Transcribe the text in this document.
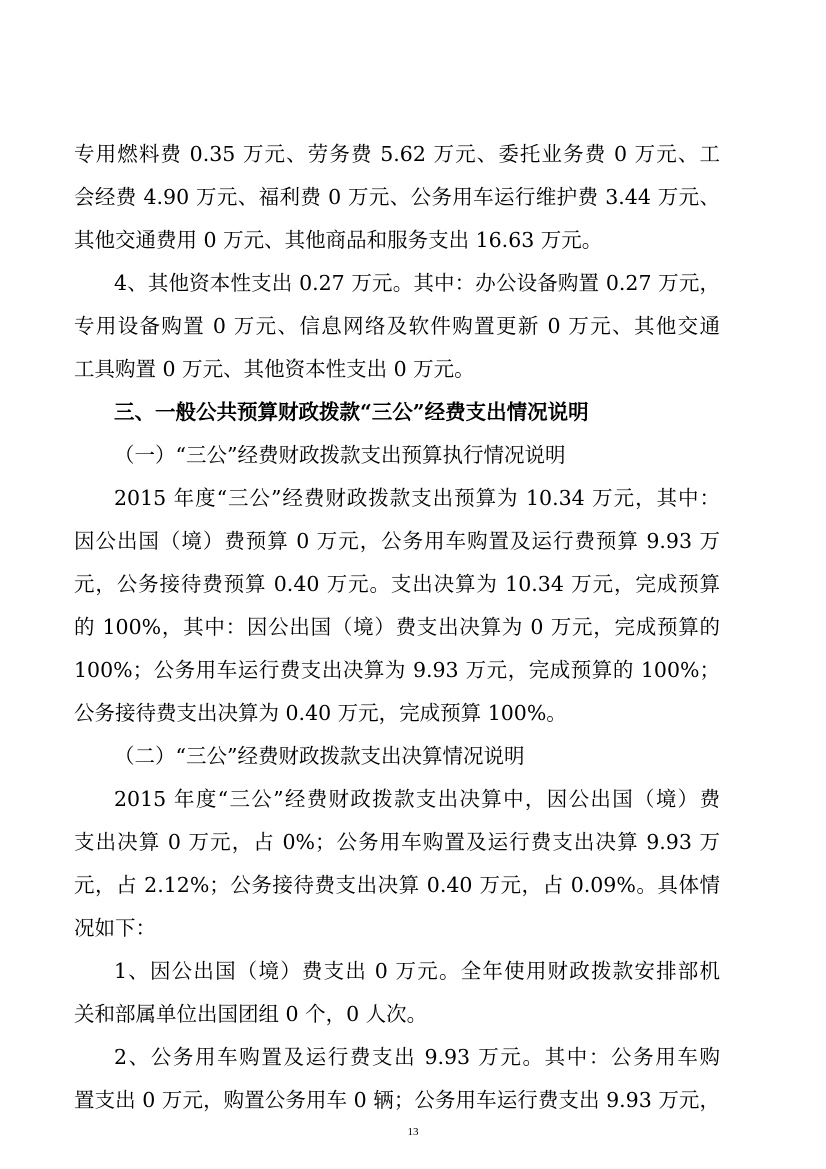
专用燃料费 0.35 万元、劳务费 5.62 万元、委托业务费 0 万元、工
会经费 4.90 万元、福利费 0 万元、公务用车运行维护费 3.44 万元、
其他交通费用 0 万元、其他商品和服务支出 16.63 万元。
4、其他资本性支出 0.27 万元。其中：办公设备购置 0.27 万元，
专用设备购置 0 万元、信息网络及软件购置更新 0 万元、其他交通
工具购置 0 万元、其他资本性支出 0 万元。
三、一般公共预算财政拨款“三公”经费支出情况说明
（一）“三公”经费财政拨款支出预算执行情况说明
2015 年度“三公”经费财政拨款支出预算为 10.34 万元，其中：
因公出国（境）费预算 0 万元，公务用车购置及运行费预算 9.93 万
元，公务接待费预算 0.40 万元。支出决算为 10.34 万元，完成预算
的 100%，其中：因公出国（境）费支出决算为 0 万元，完成预算的
100%；公务用车运行费支出决算为 9.93 万元，完成预算的 100%；
公务接待费支出决算为 0.40 万元，完成预算 100%。
（二）“三公”经费财政拨款支出决算情况说明
2015 年度“三公”经费财政拨款支出决算中，因公出国（境）费
支出决算 0 万元，占 0%；公务用车购置及运行费支出决算 9.93 万
元，占 2.12%；公务接待费支出决算 0.40 万元，占 0.09%。具体情
况如下：
1、因公出国（境）费支出 0 万元。全年使用财政拨款安排部机
关和部属单位出国团组 0 个，0 人次。
2、公务用车购置及运行费支出 9.93 万元。其中：公务用车购
置支出 0 万元，购置公务用车 0 辆；公务用车运行费支出 9.93 万元，
13
